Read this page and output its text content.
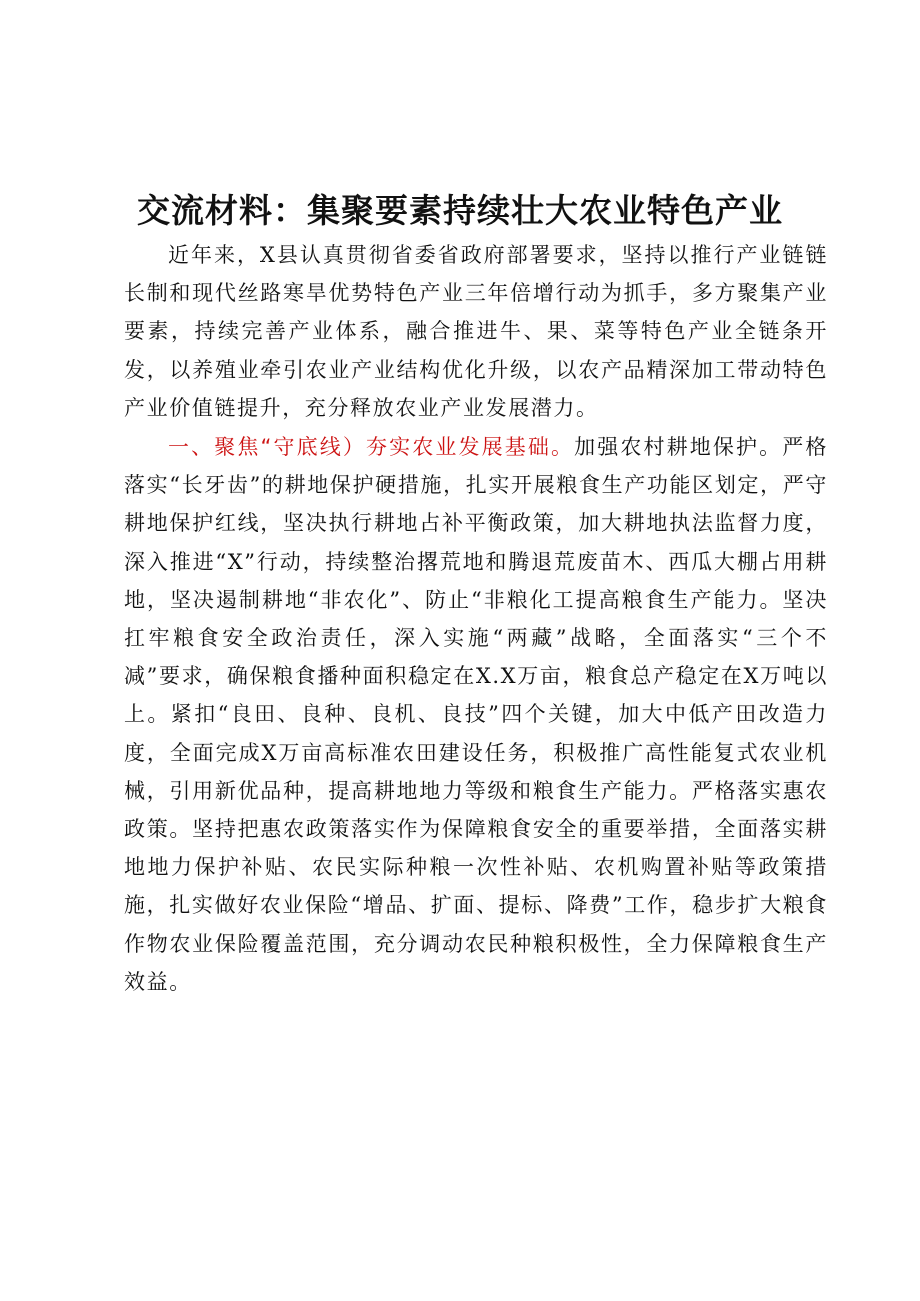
交流材料：集聚要素持续壮大农业特色产业

近年来，X县认真贯彻省委省政府部署要求，坚持以推行产业链链长制和现代丝路寒旱优势特色产业三年倍增行动为抓手，多方聚集产业要素，持续完善产业体系，融合推进牛、果、菜等特色产业全链条开发，以养殖业牵引农业产业结构优化升级，以农产品精深加工带动特色产业价值链提升，充分释放农业产业发展潜力。

一、聚焦“守底线）夯实农业发展基础。加强农村耕地保护。严格落实“长牙齿”的耕地保护硬措施，扎实开展粮食生产功能区划定，严守耕地保护红线，坚决执行耕地占补平衡政策，加大耕地执法监督力度，深入推进“X”行动，持续整治撂荒地和腾退荒废苗木、西瓜大棚占用耕地，坚决遏制耕地“非农化”、防止“非粮化工提高粮食生产能力。坚决扛牢粮食安全政治责任，深入实施“两藏”战略，全面落实“三个不减”要求，确保粮食播种面积稳定在X.X万亩，粮食总产稳定在X万吨以上。紧扣“良田、良种、良机、良技”四个关键，加大中低产田改造力度，全面完成X万亩高标准农田建设任务，积极推广高性能复式农业机械，引用新优品种，提高耕地地力等级和粮食生产能力。严格落实惠农政策。坚持把惠农政策落实作为保障粮食安全的重要举措，全面落实耕地地力保护补贴、农民实际种粮一次性补贴、农机购置补贴等政策措施，扎实做好农业保险“增品、扩面、提标、降费”工作，稳步扩大粮食作物农业保险覆盖范围，充分调动农民种粮积极性，全力保障粮食生产效益。
